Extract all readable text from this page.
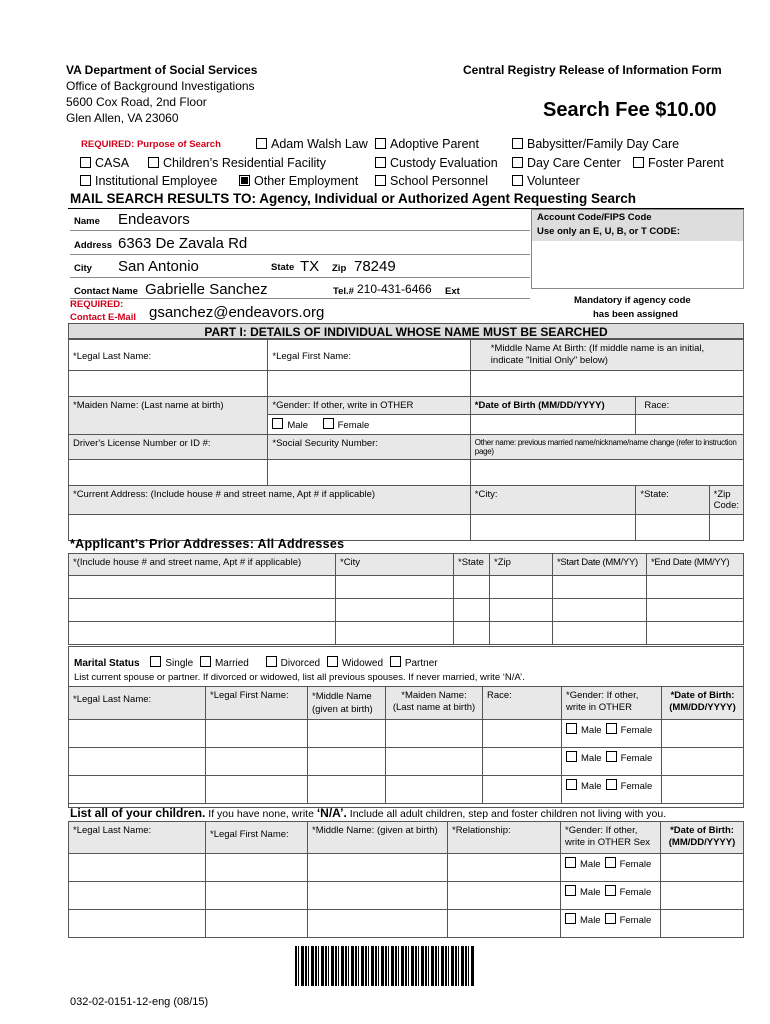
VA Department of Social Services
Office of Background Investigations
5600 Cox Road, 2nd Floor
Glen Allen, VA 23060
Central Registry Release of Information Form
Search Fee $10.00
REQUIRED: Purpose of Search	Adam Walsh Law	Adoptive Parent	Babysitter/Family Day Care
CASA	Children’s Residential Facility	Custody Evaluation	Day Care Center	Foster Parent
Institutional Employee	Other Employment	School Personnel	Volunteer
MAIL SEARCH RESULTS TO: Agency, Individual or Authorized Agent Requesting Search
Name Endeavors
Address 6363 De Zavala Rd
City San Antonio	State TX Zip 78249
Contact Name Gabrielle Sanchez	Tel.# 210-431-6466 Ext
REQUIRED:
Contact E-Mail gsanchez@endeavors.org
Account Code/FIPS Code
Use only an E, U, B, or T CODE:
Mandatory if agency code
has been assigned
PART I: DETAILS OF INDIVIDUAL WHOSE NAME MUST BE SEARCHED
*Legal Last Name:	*Legal First Name:	*Middle Name At Birth: (If middle name is an initial, indicate "Initial Only" below)		

*Maiden Name: (Last name at birth)	*Gender: If other, write in OTHER	*Date of Birth (MM/DD/YYYY)	Race:	

	Male Female			

Driver's License Number or ID #:	*Social Security Number:	Other name: previous married name/nickname/name change (refer to instruction page)		

*Current Address: (Include house # and street name, Apt # if applicable)		*City:	*State:	*Zip Code:

*Applicant’s Prior Addresses: All Addresses
*(Include house # and street name, Apt # if applicable)	*City	*State	*Zip	*Start Date (MM/YY)	*End Date (MM/YY)

Marital Status	Single Married	Divorced Widowed Partner
List current spouse or partner. If divorced or widowed, list all previous spouses. If never married, write ‘N/A’.
*Legal Last Name:	*Legal First Name:	*Middle Name (given at birth)	*Maiden Name: (Last name at birth)	Race:	*Gender: If other, write in OTHER	*Date of Birth: (MM/DD/YYYY)

					Male Female	
					Male Female	
					Male Female	
List all of your children. If you have none, write ‘N/A’. Include all adult children, step and foster children not living with you.
*Legal Last Name:	*Legal First Name:	*Middle Name: (given at birth)	*Relationship:	*Gender: If other, write in OTHER Sex	*Date of Birth: (MM/DD/YYYY)

				Male Female	
				Male Female	
				Male Female	
032-02-0151-12-eng (08/15)
